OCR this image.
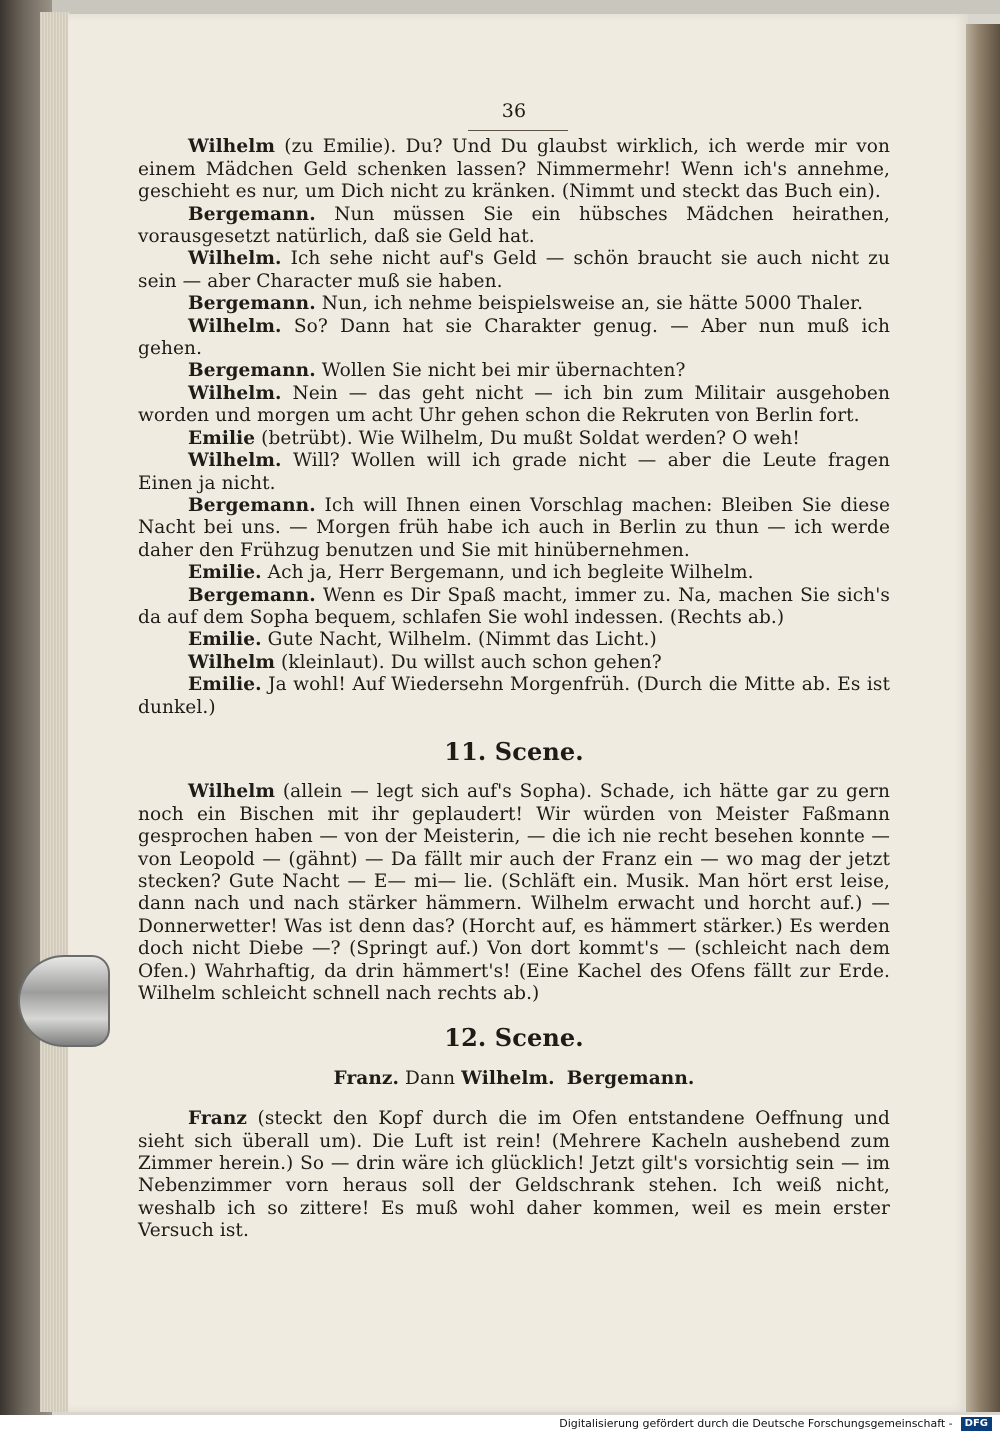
36

Wilhelm (zu Emilie). Du? Und Du glaubst wirklich, ich werde mir von einem Mädchen Geld schenken lassen? Nimmermehr! Wenn ich's annehme, geschieht es nur, um Dich nicht zu kränken. (Nimmt und steckt das Buch ein).

Bergemann. Nun müssen Sie ein hübsches Mädchen heirathen, vorausgesetzt natürlich, daß sie Geld hat.

Wilhelm. Ich sehe nicht auf's Geld — schön braucht sie auch nicht zu sein — aber Character muß sie haben.

Bergemann. Nun, ich nehme beispielsweise an, sie hätte 5000 Thaler.

Wilhelm. So? Dann hat sie Charakter genug. — Aber nun muß ich gehen.

Bergemann. Wollen Sie nicht bei mir übernachten?

Wilhelm. Nein — das geht nicht — ich bin zum Militair ausgehoben worden und morgen um acht Uhr gehen schon die Rekruten von Berlin fort.

Emilie (betrübt). Wie Wilhelm, Du mußt Soldat werden? O weh!

Wilhelm. Will? Wollen will ich grade nicht — aber die Leute fragen Einen ja nicht.

Bergemann. Ich will Ihnen einen Vorschlag machen: Bleiben Sie diese Nacht bei uns. — Morgen früh habe ich auch in Berlin zu thun — ich werde daher den Frühzug benutzen und Sie mit hinübernehmen.

Emilie. Ach ja, Herr Bergemann, und ich begleite Wilhelm.

Bergemann. Wenn es Dir Spaß macht, immer zu. Na, machen Sie sich's da auf dem Sopha bequem, schlafen Sie wohl indessen. (Rechts ab.)

Emilie. Gute Nacht, Wilhelm. (Nimmt das Licht.)

Wilhelm (kleinlaut). Du willst auch schon gehen?

Emilie. Ja wohl! Auf Wiedersehn Morgenfrüh. (Durch die Mitte ab. Es ist dunkel.)

11. Scene.

Wilhelm (allein — legt sich auf's Sopha). Schade, ich hätte gar zu gern noch ein Bischen mit ihr geplaudert! Wir würden von Meister Faßmann gesprochen haben — von der Meisterin, — die ich nie recht besehen konnte — von Leopold — (gähnt) — Da fällt mir auch der Franz ein — wo mag der jetzt stecken? Gute Nacht — E— mi— lie. (Schläft ein. Musik. Man hört erst leise, dann nach und nach stärker hämmern. Wilhelm erwacht und horcht auf.) — Donnerwetter! Was ist denn das? (Horcht auf, es hämmert stärker.) Es werden doch nicht Diebe —? (Springt auf.) Von dort kommt's — (schleicht nach dem Ofen.) Wahrhaftig, da drin hämmert's! (Eine Kachel des Ofens fällt zur Erde. Wilhelm schleicht schnell nach rechts ab.)

12. Scene.
Franz. Dann Wilhelm. Bergemann.

Franz (steckt den Kopf durch die im Ofen entstandene Oeffnung und sieht sich überall um). Die Luft ist rein! (Mehrere Kacheln aushebend zum Zimmer herein.) So — drin wäre ich glücklich! Jetzt gilt's vorsichtig sein — im Nebenzimmer vorn heraus soll der Geldschrank stehen. Ich weiß nicht, weshalb ich so zittere! Es muß wohl daher kommen, weil es mein erster Versuch ist.

Digitalisierung gefördert durch die Deutsche Forschungsgemeinschaft - DFG
